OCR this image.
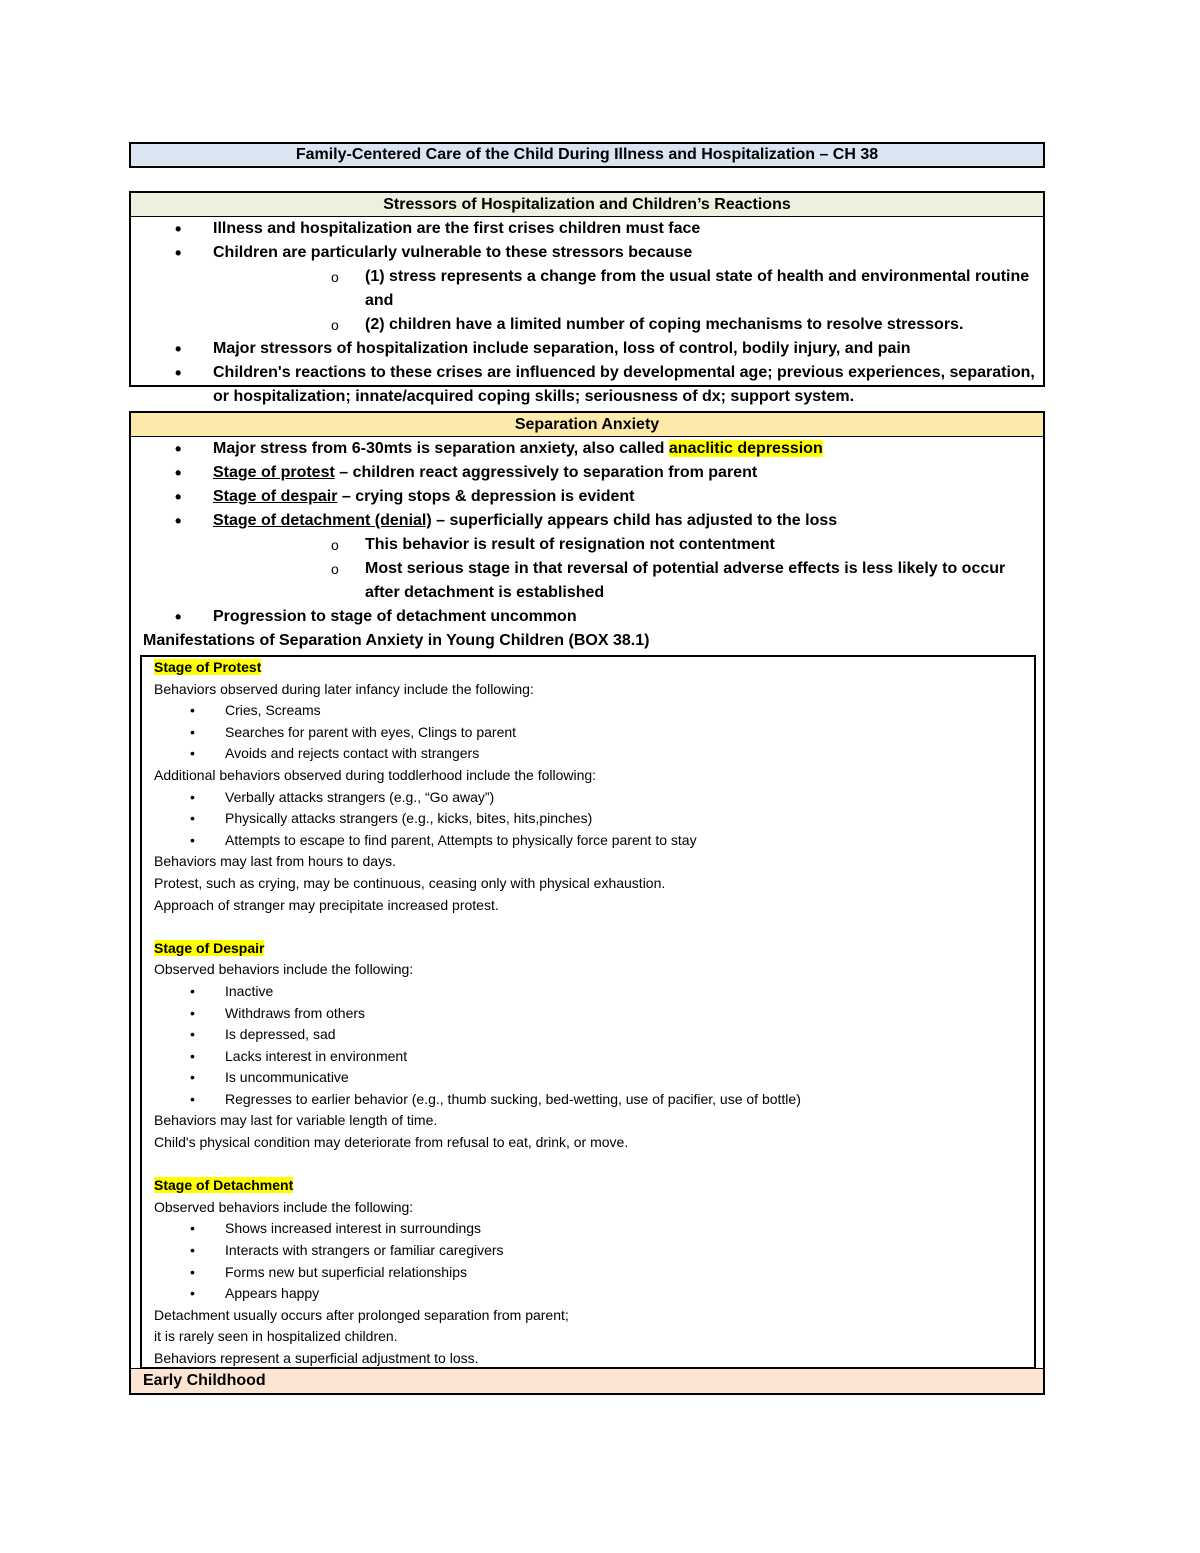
Family-Centered Care of the Child During Illness and Hospitalization – CH 38
Stressors of Hospitalization and Children’s Reactions
• Illness and hospitalization are the first crises children must face
• Children are particularly vulnerable to these stressors because
o (1) stress represents a change from the usual state of health and environmental routine and
o (2) children have a limited number of coping mechanisms to resolve stressors.
• Major stressors of hospitalization include separation, loss of control, bodily injury, and pain
• Children's reactions to these crises are influenced by developmental age; previous experiences, separation, or hospitalization; innate/acquired coping skills; seriousness of dx; support system.
Separation Anxiety
• Major stress from 6-30mts is separation anxiety, also called anaclitic depression
• Stage of protest – children react aggressively to separation from parent
• Stage of despair – crying stops & depression is evident
• Stage of detachment (denial) – superficially appears child has adjusted to the loss
o This behavior is result of resignation not contentment
o Most serious stage in that reversal of potential adverse effects is less likely to occur after detachment is established
• Progression to stage of detachment uncommon
Manifestations of Separation Anxiety in Young Children (BOX 38.1)
Stage of Protest
Behaviors observed during later infancy include the following:
• Cries, Screams
• Searches for parent with eyes, Clings to parent
• Avoids and rejects contact with strangers
Additional behaviors observed during toddlerhood include the following:
• Verbally attacks strangers (e.g., “Go away”)
• Physically attacks strangers (e.g., kicks, bites, hits,pinches)
• Attempts to escape to find parent, Attempts to physically force parent to stay
Behaviors may last from hours to days.
Protest, such as crying, may be continuous, ceasing only with physical exhaustion.
Approach of stranger may precipitate increased protest.
Stage of Despair
Observed behaviors include the following:
• Inactive
• Withdraws from others
• Is depressed, sad
• Lacks interest in environment
• Is uncommunicative
• Regresses to earlier behavior (e.g., thumb sucking, bed-wetting, use of pacifier, use of bottle)
Behaviors may last for variable length of time.
Child's physical condition may deteriorate from refusal to eat, drink, or move.
Stage of Detachment
Observed behaviors include the following:
• Shows increased interest in surroundings
• Interacts with strangers or familiar caregivers
• Forms new but superficial relationships
• Appears happy
Detachment usually occurs after prolonged separation from parent;
it is rarely seen in hospitalized children.
Behaviors represent a superficial adjustment to loss.
Early Childhood
